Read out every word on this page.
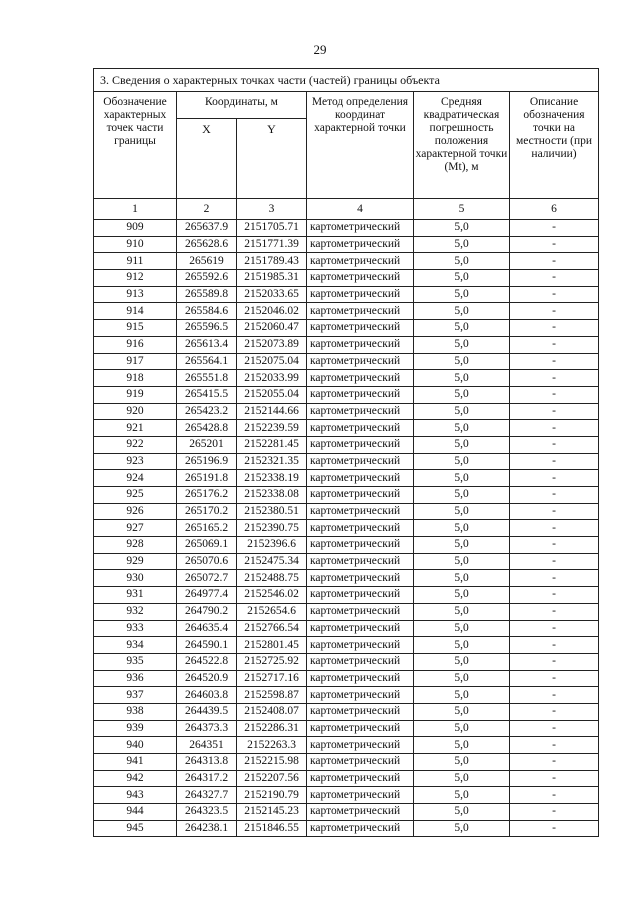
29
3. Сведения о характерных точках части (частей) границы объекта					
Обозначение характерных точек части границы	Координаты, м		Метод определения координат характерной точки	Средняя квадратическая погрешность положения характерной точки (Mt), м	Описание обозначения точки на местности (при наличии)
	X	Y			
1	2	3	4	5	6
909	265637.9	2151705.71	картометрический	5,0	-
910	265628.6	2151771.39	картометрический	5,0	-
911	265619	2151789.43	картометрический	5,0	-
912	265592.6	2151985.31	картометрический	5,0	-
913	265589.8	2152033.65	картометрический	5,0	-
914	265584.6	2152046.02	картометрический	5,0	-
915	265596.5	2152060.47	картометрический	5,0	-
916	265613.4	2152073.89	картометрический	5,0	-
917	265564.1	2152075.04	картометрический	5,0	-
918	265551.8	2152033.99	картометрический	5,0	-
919	265415.5	2152055.04	картометрический	5,0	-
920	265423.2	2152144.66	картометрический	5,0	-
921	265428.8	2152239.59	картометрический	5,0	-
922	265201	2152281.45	картометрический	5,0	-
923	265196.9	2152321.35	картометрический	5,0	-
924	265191.8	2152338.19	картометрический	5,0	-
925	265176.2	2152338.08	картометрический	5,0	-
926	265170.2	2152380.51	картометрический	5,0	-
927	265165.2	2152390.75	картометрический	5,0	-
928	265069.1	2152396.6	картометрический	5,0	-
929	265070.6	2152475.34	картометрический	5,0	-
930	265072.7	2152488.75	картометрический	5,0	-
931	264977.4	2152546.02	картометрический	5,0	-
932	264790.2	2152654.6	картометрический	5,0	-
933	264635.4	2152766.54	картометрический	5,0	-
934	264590.1	2152801.45	картометрический	5,0	-
935	264522.8	2152725.92	картометрический	5,0	-
936	264520.9	2152717.16	картометрический	5,0	-
937	264603.8	2152598.87	картометрический	5,0	-
938	264439.5	2152408.07	картометрический	5,0	-
939	264373.3	2152286.31	картометрический	5,0	-
940	264351	2152263.3	картометрический	5,0	-
941	264313.8	2152215.98	картометрический	5,0	-
942	264317.2	2152207.56	картометрический	5,0	-
943	264327.7	2152190.79	картометрический	5,0	-
944	264323.5	2152145.23	картометрический	5,0	-
945	264238.1	2151846.55	картометрический	5,0	-
